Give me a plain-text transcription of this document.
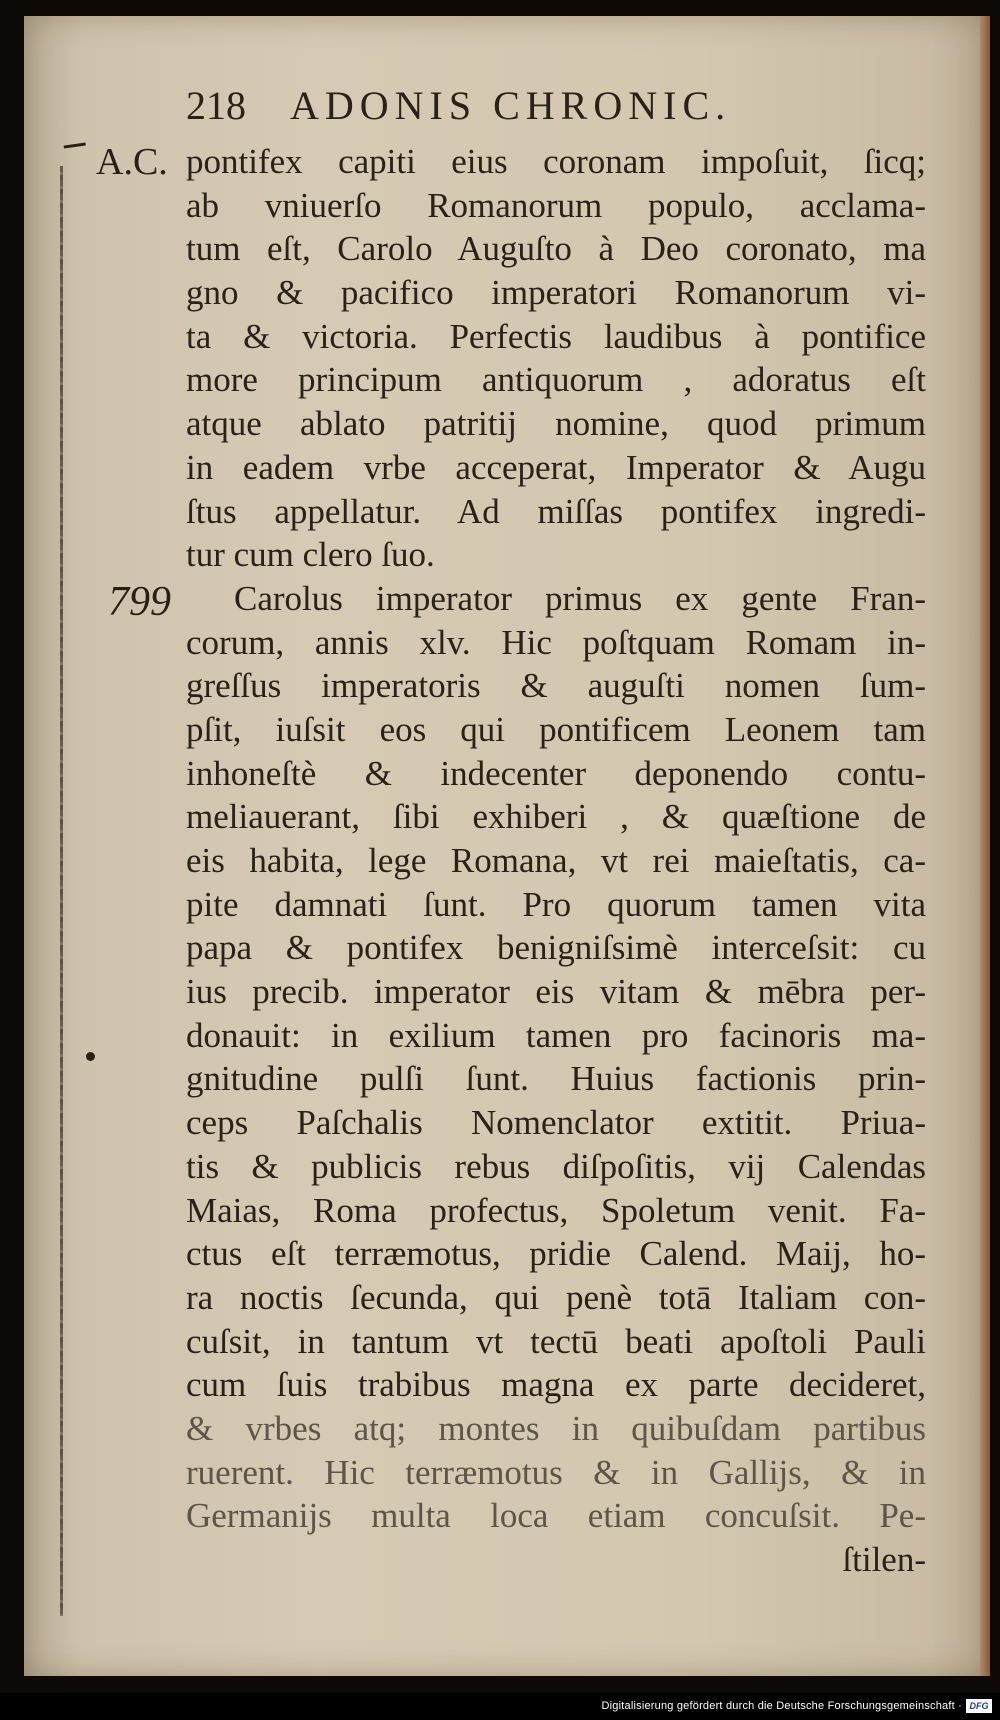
218 ADONIS CHRONIC.
A.C.
799
pontifex capiti eius coronam impoſuit, ſicq;
ab vniuerſo Romanorum populo, acclama-
tum eſt, Carolo Auguſto à Deo coronato, ma
gno & pacifico imperatori Romanorum vi-
ta & victoria. Perfectis laudibus à pontifice
more principum antiquorum , adoratus eſt
atque ablato patritij nomine, quod primum
in eadem vrbe acceperat, Imperator & Augu
ſtus appellatur. Ad miſſas pontifex ingredi-
tur cum clero ſuo.
Carolus imperator primus ex gente Fran-
corum, annis xlv. Hic poſtquam Romam in-
greſſus imperatoris & auguſti nomen ſum-
pſit, iuſsit eos qui pontificem Leonem tam
inhoneſtè & indecenter deponendo contu-
meliauerant, ſibi exhiberi , & quæſtione de
eis habita, lege Romana, vt rei maieſtatis, ca-
pite damnati ſunt. Pro quorum tamen vita
papa & pontifex benigniſsimè interceſsit: cu
ius precib. imperator eis vitam & mēbra per-
donauit: in exilium tamen pro facinoris ma-
gnitudine pulſi ſunt. Huius factionis prin-
ceps Paſchalis Nomenclator extitit. Priua-
tis & publicis rebus diſpoſitis, vij Calendas
Maias, Roma profectus, Spoletum venit. Fa-
ctus eſt terræmotus, pridie Calend. Maij, ho-
ra noctis ſecunda, qui penè totā Italiam con-
cuſsit, in tantum vt tectū beati apoſtoli Pauli
cum ſuis trabibus magna ex parte decideret,
& vrbes atq; montes in quibuſdam partibus
ruerent. Hic terræmotus & in Gallijs, & in
Germanijs multa loca etiam concuſsit. Pe-
ſtilen-
Digitalisierung gefördert durch die Deutsche Forschungsgemeinschaft · DFG
